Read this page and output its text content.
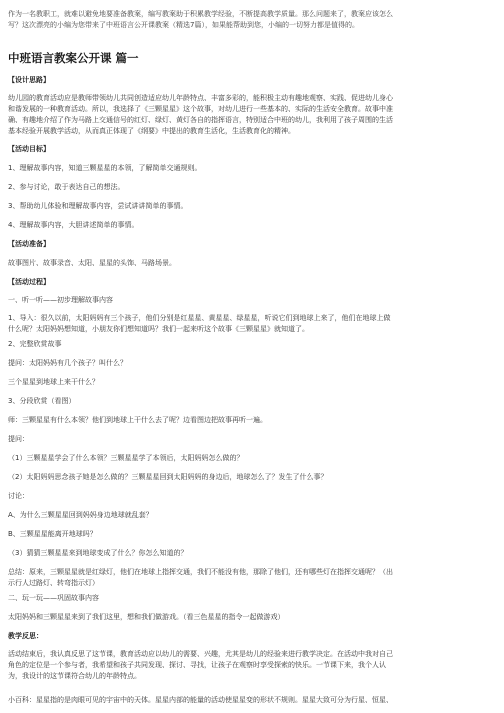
作为一名教职工，就难以避免地要准备教案，编写教案助于积累教学经验，不断提高教学质量。那么问题来了，教案应该怎么
写？这次漂亮的小编为您带来了中班语言公开课教案（精选7篇），如果能帮助到您，小编的一切努力都是值得的。
中班语言教案公开课 篇一
【设计思路】
幼儿园的教育活动应是教师带领幼儿共同创造适应幼儿年龄特点、丰富多彩的，能积极主动有趣地观察、实践、促进幼儿身心
和谐发展的一种教育活动。所以，我选择了《三颗星星》这个故事，对幼儿进行一些基本的、实际的生活安全教育。故事中准
确、有趣地介绍了作为马路上交通信号的红灯、绿灯、黄灯各自的指挥语言，特别适合中班的幼儿，我利用了孩子周围的生活
基本经验开展教学活动，从而真正体现了《纲要》中提出的教育生活化，生活教育化的精神。
【活动目标】
1、理解故事内容，知道三颗星星的本领，了解简单交通规则。
2、参与讨论，敢于表达自己的想法。
3、帮助幼儿体验和理解故事内容，尝试讲讲简单的事情。
4、理解故事内容，大胆讲述简单的事情。
【活动准备】
故事图片、故事录音、太阳、星星的头饰、马路场景。
【活动过程】
一、听一听——初步理解故事内容
1、导入：很久以前，太阳妈妈有三个孩子，他们分别是红星星、黄星星、绿星星，听说它们到地球上来了，他们在地球上做
什么呢？太阳妈妈想知道，小朋友你们想知道吗？我们一起来听这个故事《三颗星星》就知道了。
2、完整欣赏故事
提问：太阳妈妈有几个孩子？叫什么？
三个星星到地球上来干什么？
3、分段欣赏（看图）
师：三颗星星有什么本领？他们到地球上干什么去了呢？边看图边把故事再听一遍。
提问：
（1）三颗星星学会了什么本领？三颗星星学了本领后，太阳妈妈怎么做的？
（2）太阳妈妈思念孩子她是怎么做的？三颗星星回到太阳妈妈的身边后，地球怎么了？发生了什么事？
讨论：
A、为什么三颗星星回到妈妈身边地球就乱套？
B、三颗星星能离开地球吗？
（3）猜猜三颗星星来到地球变成了什么？你怎么知道的？
总结：原来，三颗星星就是红绿灯，他们在地球上指挥交通，我们不能没有他，那除了他们，还有哪些灯在指挥交通呢？（出
示行人过路灯、转弯指示灯）
二、玩一玩——巩固故事内容
太阳妈妈和三颗星星来到了我们这里，想和我们做游戏。（看三色星星的指令一起做游戏）
教学反思：
活动结束后，我认真反思了这节课，教育活动应以幼儿的需要、兴趣，尤其是幼儿的经验来进行教学决定。在活动中我对自己
角色的定位是一个参与者，我希望和孩子共同发现、探讨、寻找，让孩子在观察时享受探索的快乐。一节课下来，我个人认
为，我设计的这节课符合幼儿的年龄特点。
小百科：星星指的是肉眼可见的宇宙中的天体。星星内部的能量的活动使星星变的形状不规则。星星大致可分为行星、恒星、
